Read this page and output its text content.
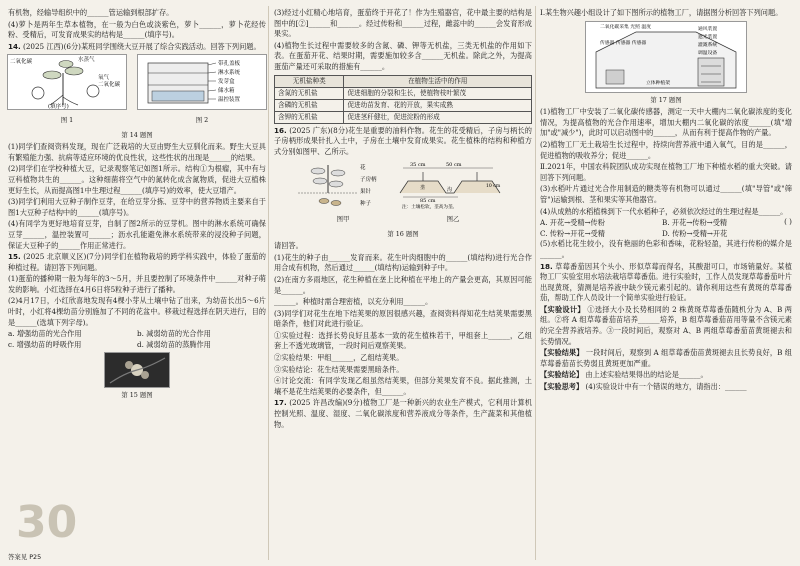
有机物，经输导组织中的______管运输到根部扩存。

(4)萝卜是两年生草本植物，在一般为白色或淡紫色，萝卜______，萝卜花经传粉、受精后，可发育成果实的结构是______(填序号)。

14. (2025 江西)(6分)某班同学围绕大豆开展了综合实践活动。回答下列问题。

二氧化碳	水蒸气
氧气
二氧化碳
(填序号)
图 1
带孔盖板
淋水系统
发芽盒
储水箱
温控装置
图 2
第 14 题图

(1)同学们查阅资料发现，现在广泛栽培的大豆由野生大豆驯化而来。野生大豆具有繁殖能力强、抗病等适应环境的优良性状，这些性状的出现是______的结果。

(2)同学们在学校种植大豆，记录观察笔记如图1所示。结构①为根瘤，其中有与豆科植物共生的______。这种细菌将空气中的氮转化成含氮物质，促进大豆植株更好生长，从而提高图1中生理过程______(填序号)的效率，使大豆增产。

(3)同学们利用大豆种子制作豆芽，在给豆芽分拣、豆芽中的营养物质主要来自于图1大豆种子结构中的______(填序号)。

(4)有同学为更好地培育豆芽，自制了图2所示的豆芽机。图中的淋水系统可确保豆芽______，温控装置可______；沥水孔能避免淋水系统带来的浸没种子问题，保证大豆种子的______作用正常进行。

15. (2025 北京顺义区)(7分)同学们在植物栽培的跨学科实践中，体验了蛋茄的种植过程。请回答下列问题。

(1)蛋茄的播种期一般为每年的3～5月，并且要控制了环境条件中______对种子萌发的影响。小红选择在4月6日将5粒种子进行了播种。

(2)4月17日，小红欣喜地发现有4棵小芽从土壤中钻了出来，为幼苗长出5～6片叶时，小红将4棵幼苗分别施加了不同的花盆中。移栽过程选择在阴天进行，目的是______(选填下列字母)。

a. 增强幼苗的光合作用	b. 减弱幼苗的光合作用
c. 增强幼苗的呼吸作用	d. 减弱幼苗的蒸腾作用
第 15 题图

(3)经过小红精心地培育，蛋茄终于开花了！作为生殖器官，花中最主要的结构是图中的[②]______和______。经过传粉和______过程，雌蕊中的______会发育形成果实。

(4)植物生长过程中需要较多的含氮、磷、钾等无机盐，三类无机盐的作用如下表。在蛋茄开花、结果时期，需要施加较多含______无机盐。除此之外，为提高蛋茄产量还可采取的措施有______。

无机盐种类	在植物生活中的作用
含氮的无机盐	促进细胞的分裂和生长，使植物枝叶繁茂
含磷的无机盐	促进幼苗发育、花的开放，果实成熟
含钾的无机盐	促进茎秆健壮，促进淀粉的形成

16. (2025 广东)(8分)花生是重要的油料作物。花生的花受精后，子房与柄长的子房柄形成果针扎入土中，子房在土壤中发育成果实。花生植株的结构和种植方式分别如图甲、乙所示。

花
子房柄
果针
种子
图甲
35 cm	50 cm
垄	沟
10 cm
85 cm
注：土壤松软，垄高为垄。
图乙
第 16 题图

请回答。

(1)花生的种子由______发育而来。花生叶肉细胞中的______(填结构)进行光合作用合成有机物，然后通过______(填结构)运输到种子中。

(2)在南方多雨地区，花生种植在垄上比种植在平地上的产量会更高，其原因可能是______。

______。种植时需合理密植，以充分利用______。

(3)同学们对花生在地下结荚果的原因很感兴趣，查阅资料得知花生结荚果需要黑暗条件，他们对此进行验证。

①实验过程：选择长势良好且基本一致的花生植株若干，甲组套上______，乙组套上不透光玻璃管，一段时间后观察荚果。

②实验结果：甲组______，乙组结荚果。

③实验结论：花生结荚果需要黑暗条件。

④讨论交流：有同学发现乙组虽然结荚果，但部分荚果发育不良。据此推测，土壤不是花生结荚果的必要条件，但______。

17. (2025 许昌改编)(9分)植物工厂是一种新兴的农业生产模式，它利用计算机控制光照、温度、湿度、二氧化碳浓度和营养液成分等条件，生产蔬菜和其他植物。

Ⅰ.某生物兴趣小组设计了如下图所示的植物工厂，请据图分析回答下列问题。

二氧化碳采集 光照 温度
传感器 传感器 传感器
通风装置
遮光装置
灌溉系统
调温设备
立体种植架
第 17 题图

(1)植物工厂中安装了二氧化碳传感器，测定一天中大棚内二氧化碳浓度的变化情况，为提高植物的光合作用速率，增加大棚内二氧化碳的浓度______(填"增加"或"减少")，此时可以启动图中的______，从而有利于提高作物的产量。

(2)植物工厂无土栽培生长过程中，持续向营养液中通入氧气，目的是______，促进植物的吸收养分；促进______。

Ⅱ.2021年，中国农科院团队成功实现在植物工厂地下种植水稻的重大突破。请回答下列问题。

(3)水稻叶片通过光合作用制造的糖类等有机物可以通过______(填"导管"或"筛管")运输到根、茎和果实等其他器官。

(4)从成熟的水稻植株到下一代水稻种子，必须依次经过的生理过程是______。
( )

A. 开花→受精→传粉	B. 开花→传粉→受精
C. 传粉→开花→受精	D. 传粉→受精→开花

(5)水稻比花生较小，没有艳丽的色彩和香味，花粉轻盈，其进行传粉的媒介是______。

18. 草莓番茄因其个头小、形似草莓而得名，其酸甜可口，市场销量好。某植物工厂实验室用水培法栽培草莓番茄。进行实验时，工作人员发现草莓番茄叶片出现黄斑，猜测是培养液中缺少镁元素引起的。请你利用这些有黄斑的草莓番茄，帮助工作人员设计一个简单实验进行验证。

【实验设计】 ①选择大小及长势相同的 2 株黄斑草莓番茄随机分为 A、B 两组。②将 A 组草莓番茄苗培养______培养，B 组草莓番茄苗用等量不含镁元素的完全营养液培养。③一段时间后，观察对 A、B 两组草莓番茄苗黄斑褪去和长势情况。

【实验结果】 一段时间后，观察到 A 组草莓番茄苗黄斑褪去且长势良好，B 组草莓番茄苗长势弱且黄斑更加严重。

【实验结论】 由上述实验结果得出的结论是______。

【实验思考】 (4)实验设计中有一个错误的地方，请指出：______

30
答案见 P25
